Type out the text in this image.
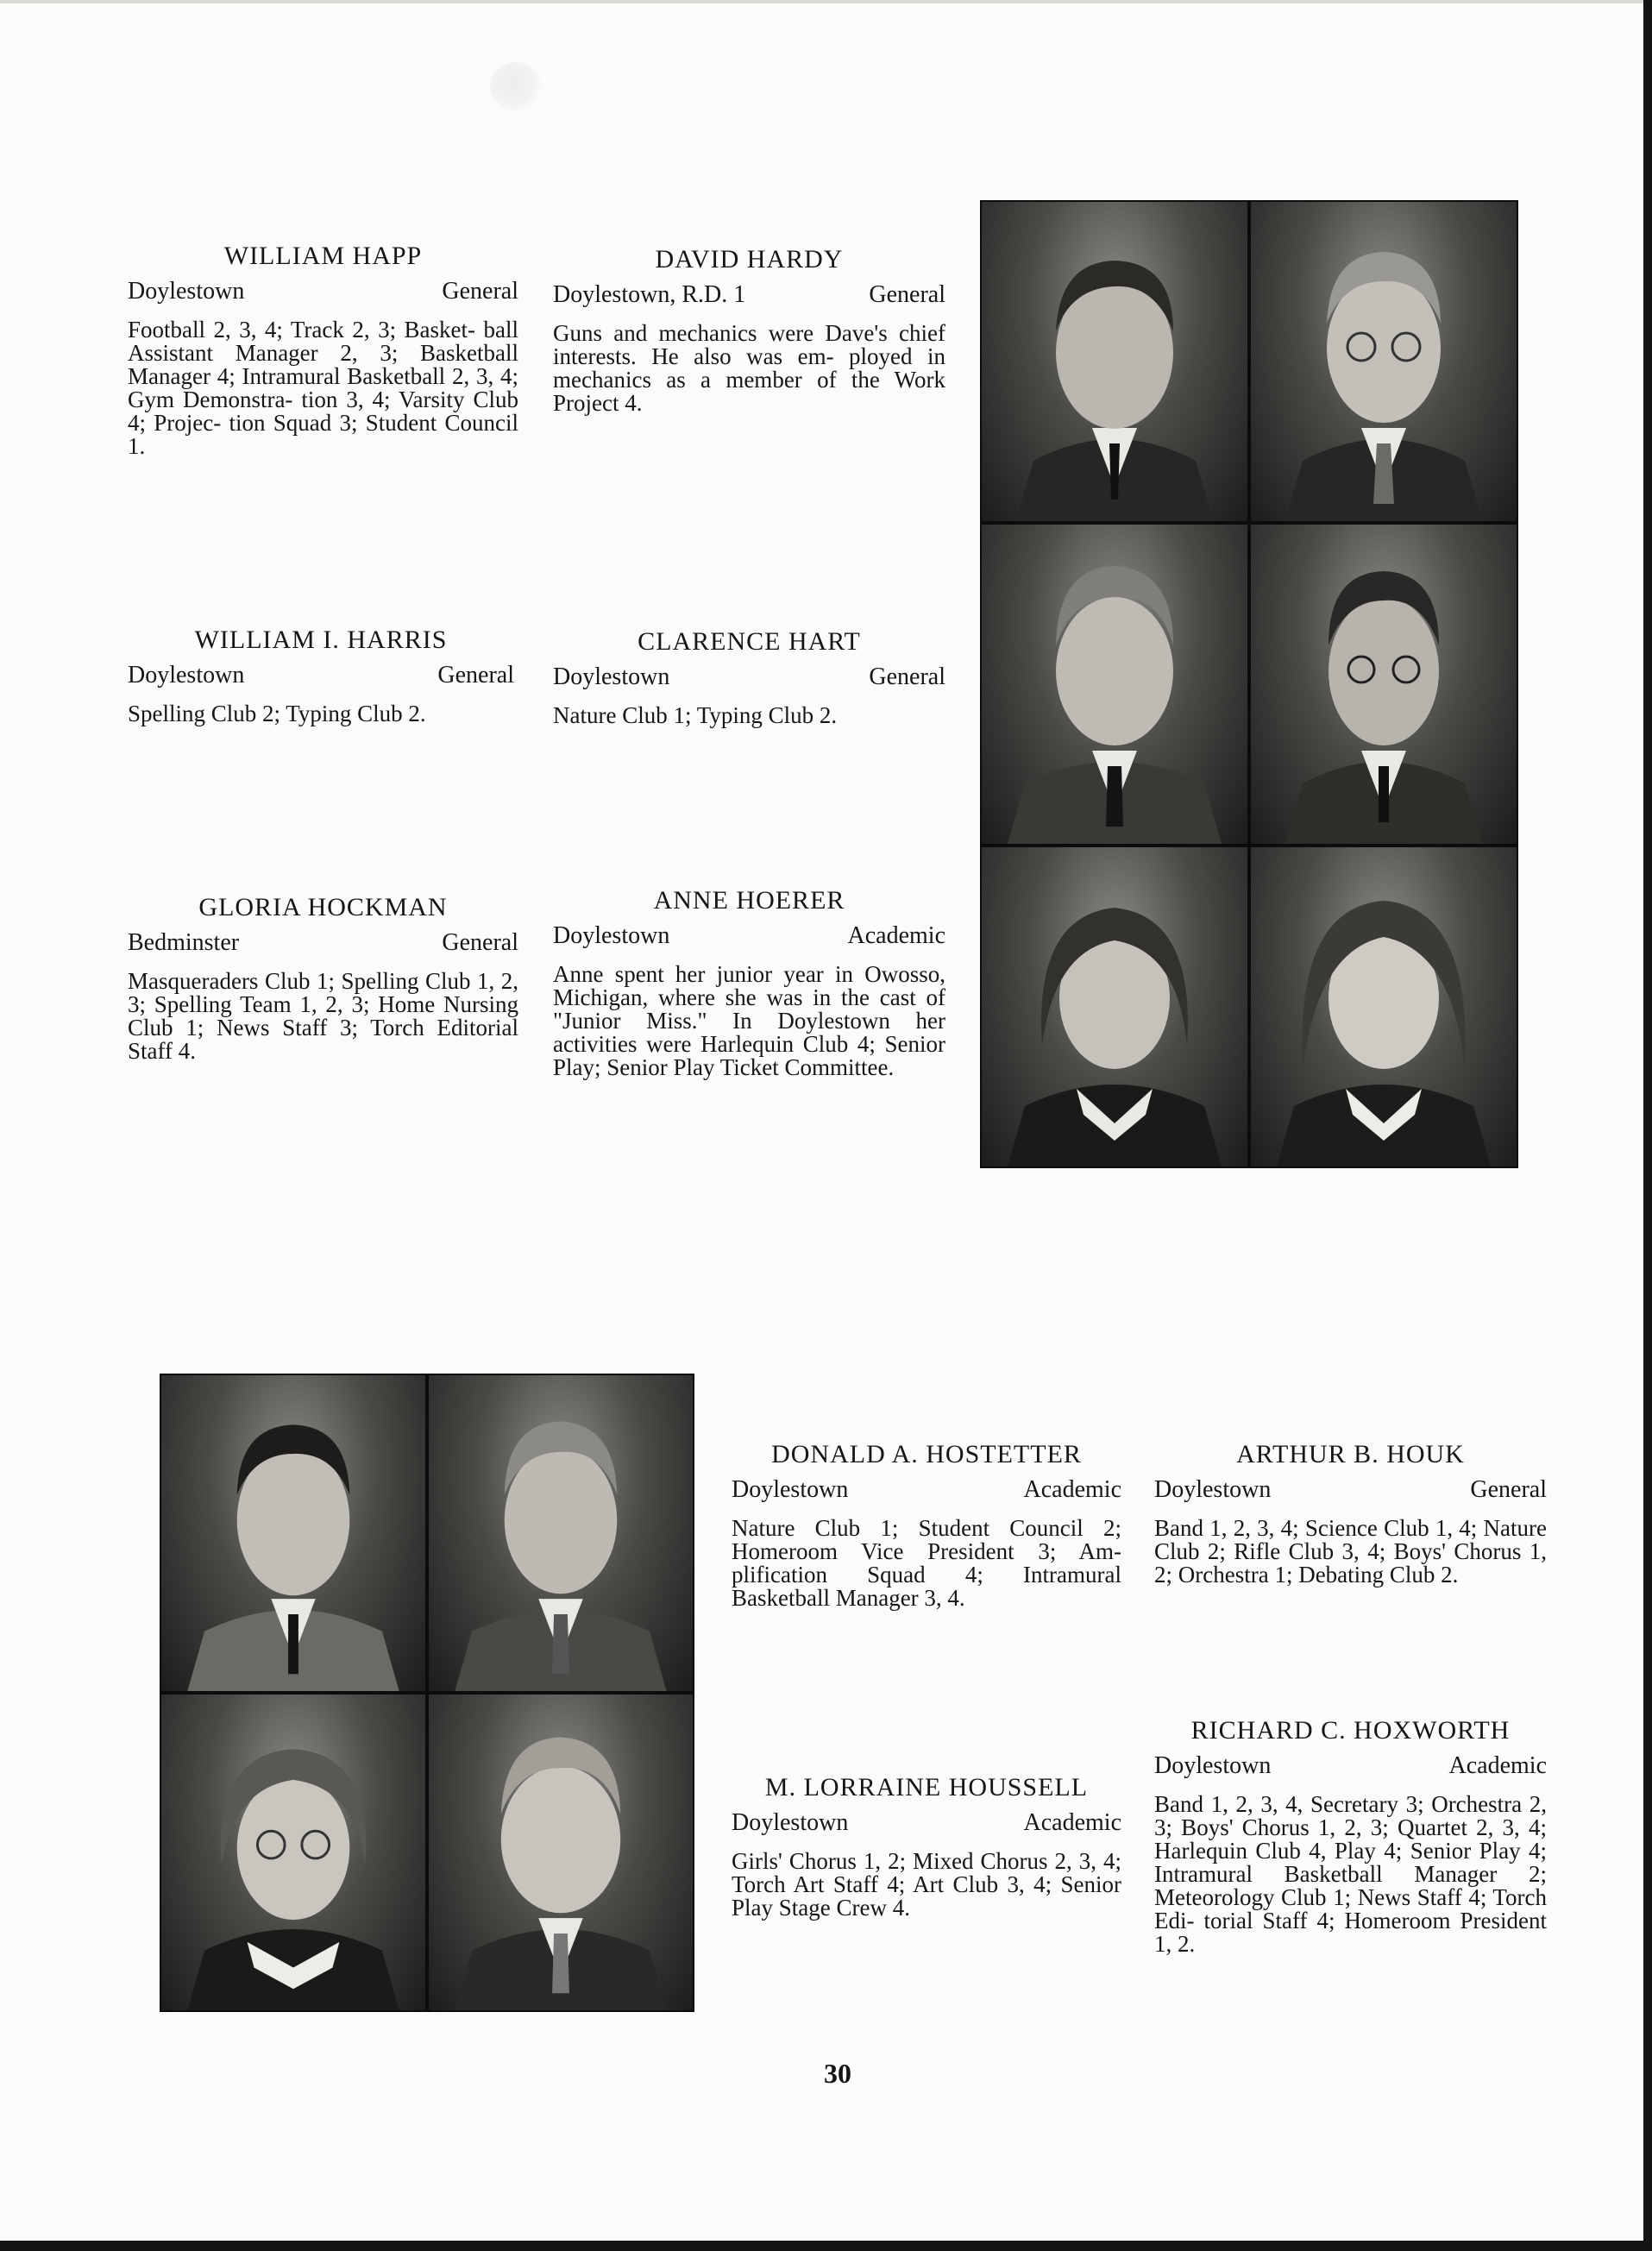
WILLIAM HAPP
Doylestown	General
Football 2, 3, 4; Track 2, 3; Basket- ball Assistant Manager 2, 3; Basketball Manager 4; Intramural Basketball 2, 3, 4; Gym Demonstra- tion 3, 4; Varsity Club 4; Projec- tion Squad 3; Student Council 1.
DAVID HARDY
Doylestown, R.D. 1	General
Guns and mechanics were Dave's chief interests. He also was em- ployed in mechanics as a member of the Work Project 4.
WILLIAM I. HARRIS
Doylestown	General
Spelling Club 2; Typing Club 2.
CLARENCE HART
Doylestown	General
Nature Club 1; Typing Club 2.
GLORIA HOCKMAN
Bedminster	General
Masqueraders Club 1; Spelling Club 1, 2, 3; Spelling Team 1, 2, 3; Home Nursing Club 1; News Staff 3; Torch Editorial Staff 4.
ANNE HOERER
Doylestown	Academic
Anne spent her junior year in Owosso, Michigan, where she was in the cast of "Junior Miss." In Doylestown her activities were Harlequin Club 4; Senior Play; Senior Play Ticket Committee.
DONALD A. HOSTETTER
Doylestown	Academic
Nature Club 1; Student Council 2; Homeroom Vice President 3; Am- plification Squad 4; Intramural Basketball Manager 3, 4.
ARTHUR B. HOUK
Doylestown	General
Band 1, 2, 3, 4; Science Club 1, 4; Nature Club 2; Rifle Club 3, 4; Boys' Chorus 1, 2; Orchestra 1; Debating Club 2.
M. LORRAINE HOUSSELL
Doylestown	Academic
Girls' Chorus 1, 2; Mixed Chorus 2, 3, 4; Torch Art Staff 4; Art Club 3, 4; Senior Play Stage Crew 4.
RICHARD C. HOXWORTH
Doylestown	Academic
Band 1, 2, 3, 4, Secretary 3; Orchestra 2, 3; Boys' Chorus 1, 2, 3; Quartet 2, 3, 4; Harlequin Club 4, Play 4; Senior Play 4; Intramural Basketball Manager 2; Meteorology Club 1; News Staff 4; Torch Edi- torial Staff 4; Homeroom President 1, 2.
30
